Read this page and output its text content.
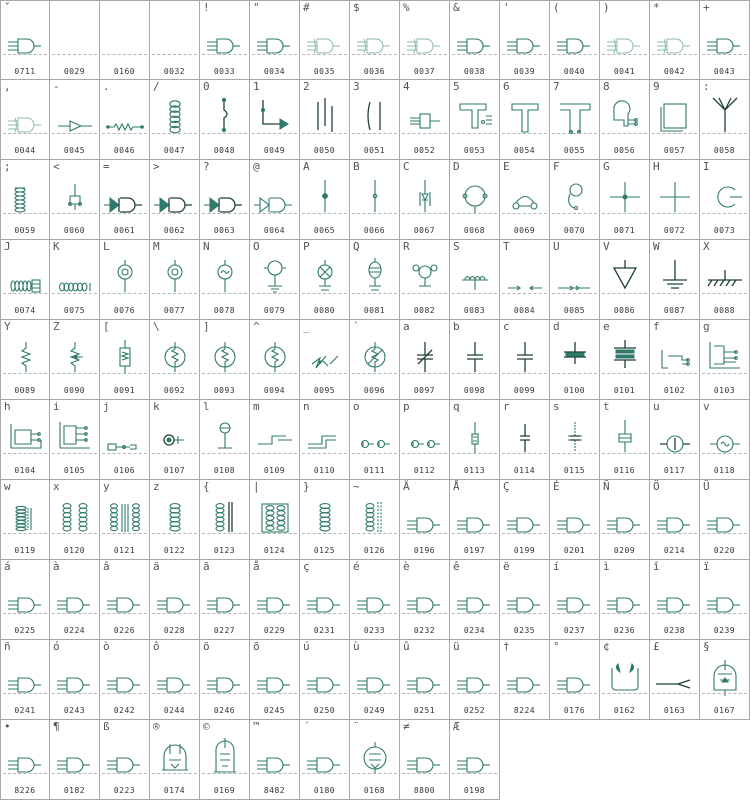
ˇ
0711	0029	0160	0032
!
0033
"
0034
#
0035
$
0036
%
0037
&
0038
'
0039
(
0040
)
0041
*
0042
+
0043
,
0044
-
0045
.
0046
/
0047
0
0048
1
0049
2
0050
3
0051
4
0052
5
0053
6
0054
7
0055
8
0056
9
0057
:
0058
;
0059
<
0060
=
0061
>
0062
?
0063
@
0064
A
0065
B
0066
C
0067
D
0068
E
0069
F
0070
G
0071
H
0072
I
0073
J
0074
K
0075
L
0076
M
0077
N
0078
O
0079
P
0080
Q
0081
R
0082
S
0083
T
0084
U
0085
V
0086
W
0087
X
0088
Y
0089
Z
0090
[
0091
\
0092
]
0093
^
0094
_
0095
`
0096
a
0097
b
0098
c
0099
d
0100
e
0101
f
0102
g
0103
h
0104
i
0105
j
0106
k
0107
l
0108
m
0109
n
0110
o
0111
p
0112
q
0113
r
0114
s
0115
t
0116
u
0117
v
0118
w
0119
x
0120
y
0121
z
0122
{
0123
|
0124
}
0125
~
0126
Ä
0196
Å
0197
Ç
0199
É
0201
Ñ
0209
Ö
0214
Ü
0220
á
0225
à
0224
â
0226
ä
0228
ã
0227
å
0229
ç
0231
é
0233
è
0232
ê
0234
ë
0235
í
0237
ì
0236
î
0238
ï
0239
ñ
0241
ó
0243
ò
0242
ô
0244
ö
0246
õ
0245
ú
0250
ù
0249
û
0251
ü
0252
†
8224
°
0176
¢
0162
£
0163
§
0167
•
8226
¶
0182
ß
0223
®
0174
©
0169
™
8482
´
0180
¨
0168
≠
8800
Æ
0198
